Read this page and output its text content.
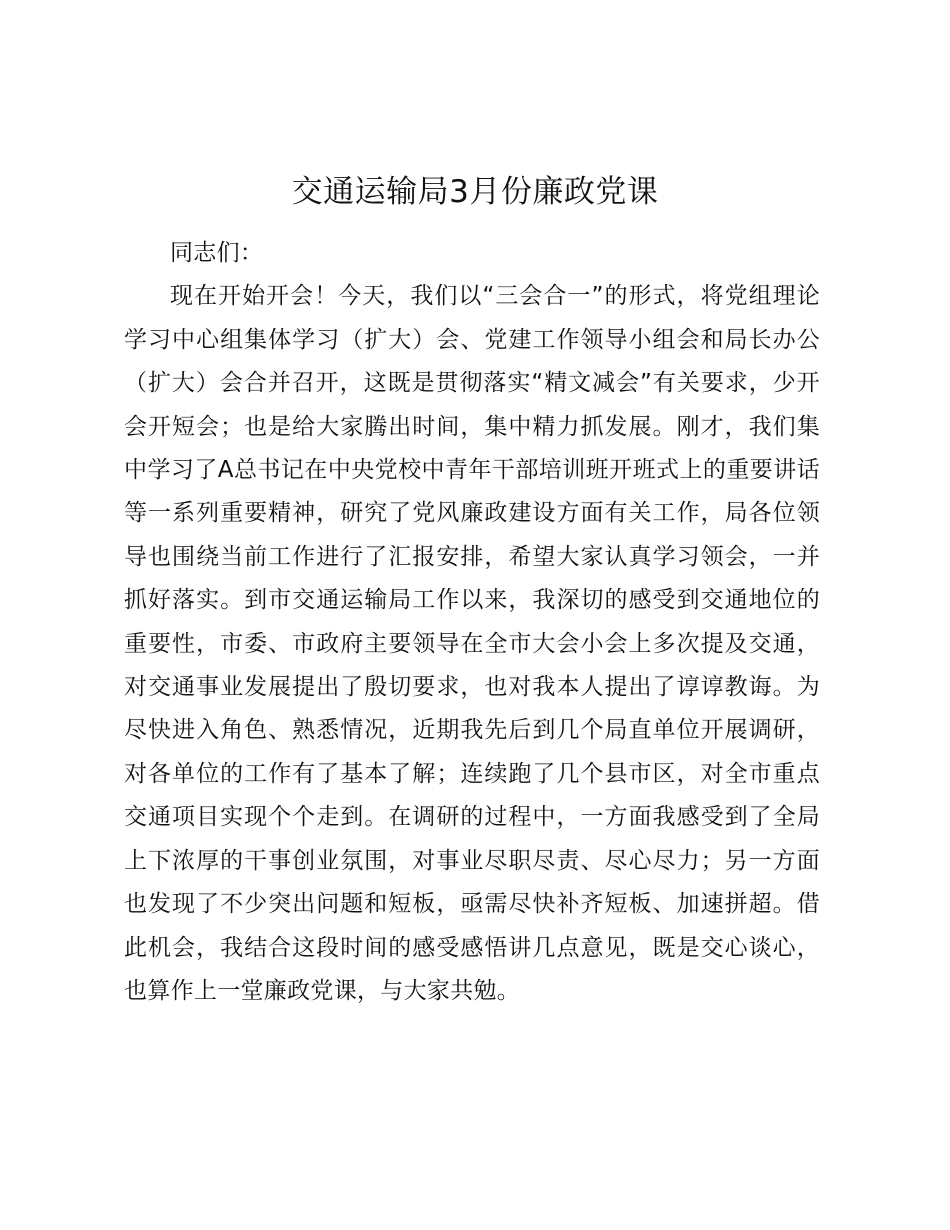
交通运输局3月份廉政党课

同志们：

现在开始开会！今天，我们以“三会合一”的形式，将党组理论学习中心组集体学习（扩大）会、党建工作领导小组会和局长办公（扩大）会合并召开，这既是贯彻落实“精文减会”有关要求，少开会开短会；也是给大家腾出时间，集中精力抓发展。刚才，我们集中学习了A总书记在中央党校中青年干部培训班开班式上的重要讲话等一系列重要精神，研究了党风廉政建设方面有关工作，局各位领导也围绕当前工作进行了汇报安排，希望大家认真学习领会，一并抓好落实。到市交通运输局工作以来，我深切的感受到交通地位的重要性，市委、市政府主要领导在全市大会小会上多次提及交通，对交通事业发展提出了殷切要求，也对我本人提出了谆谆教诲。为尽快进入角色、熟悉情况，近期我先后到几个局直单位开展调研，对各单位的工作有了基本了解；连续跑了几个县市区，对全市重点交通项目实现个个走到。在调研的过程中，一方面我感受到了全局上下浓厚的干事创业氛围，对事业尽职尽责、尽心尽力；另一方面也发现了不少突出问题和短板，亟需尽快补齐短板、加速拼超。借此机会，我结合这段时间的感受感悟讲几点意见，既是交心谈心，也算作上一堂廉政党课，与大家共勉。
